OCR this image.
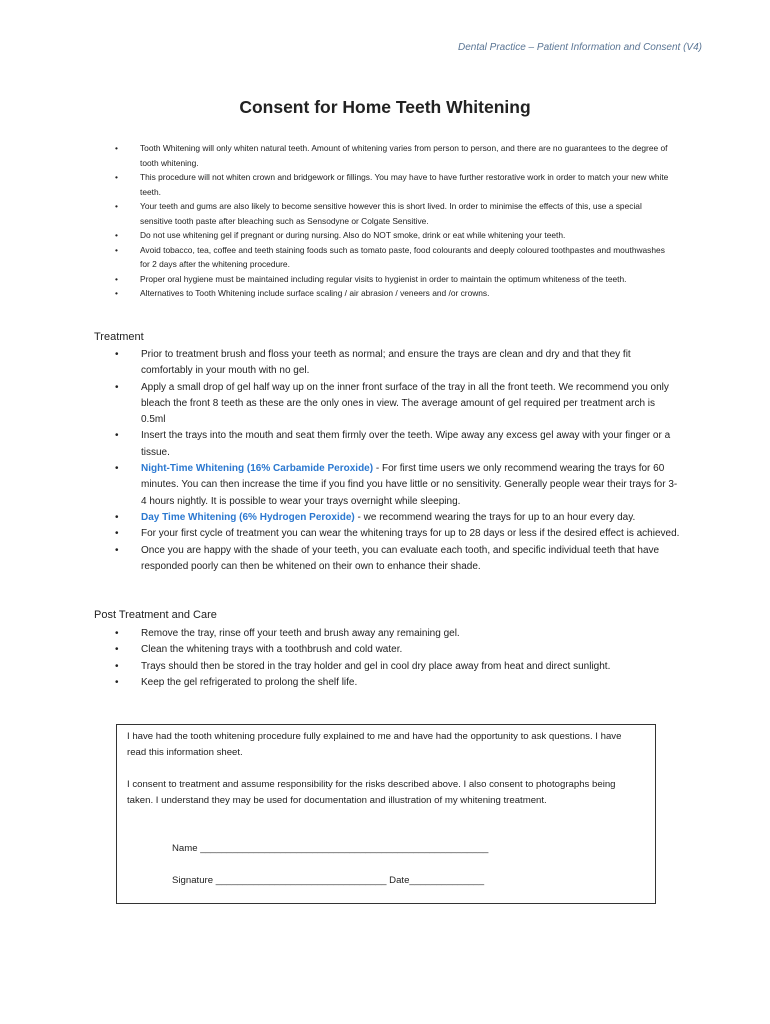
Dental Practice – Patient Information and Consent (V4)
Consent for Home Teeth Whitening
• Tooth Whitening will only whiten natural teeth. Amount of whitening varies from person to person, and there are no guarantees to the degree of tooth whitening.
• This procedure will not whiten crown and bridgework or fillings. You may have to have further restorative work in order to match your new white teeth.
• Your teeth and gums are also likely to become sensitive however this is short lived. In order to minimise the effects of this, use a special sensitive tooth paste after bleaching such as Sensodyne or Colgate Sensitive.
• Do not use whitening gel if pregnant or during nursing. Also do NOT smoke, drink or eat while whitening your teeth.
• Avoid tobacco, tea, coffee and teeth staining foods such as tomato paste, food colourants and deeply coloured toothpastes and mouthwashes for 2 days after the whitening procedure.
• Proper oral hygiene must be maintained including regular visits to hygienist in order to maintain the optimum whiteness of the teeth.
• Alternatives to Tooth Whitening include surface scaling / air abrasion / veneers and /or crowns.
Treatment
• Prior to treatment brush and floss your teeth as normal; and ensure the trays are clean and dry and that they fit comfortably in your mouth with no gel.
• Apply a small drop of gel half way up on the inner front surface of the tray in all the front teeth. We recommend you only bleach the front 8 teeth as these are the only ones in view. The average amount of gel required per treatment arch is 0.5ml
• Insert the trays into the mouth and seat them firmly over the teeth. Wipe away any excess gel away with your finger or a tissue.
• Night-Time Whitening (16% Carbamide Peroxide) - For first time users we only recommend wearing the trays for 60 minutes. You can then increase the time if you find you have little or no sensitivity. Generally people wear their trays for 3-4 hours nightly. It is possible to wear your trays overnight while sleeping.
• Day Time Whitening (6% Hydrogen Peroxide) - we recommend wearing the trays for up to an hour every day.
• For your first cycle of treatment you can wear the whitening trays for up to 28 days or less if the desired effect is achieved.
• Once you are happy with the shade of your teeth, you can evaluate each tooth, and specific individual teeth that have responded poorly can then be whitened on their own to enhance their shade.
Post Treatment and Care
• Remove the tray, rinse off your teeth and brush away any remaining gel.
• Clean the whitening trays with a toothbrush and cold water.
• Trays should then be stored in the tray holder and gel in cool dry place away from heat and direct sunlight.
• Keep the gel refrigerated to prolong the shelf life.

I have had the tooth whitening procedure fully explained to me and have had the opportunity to ask questions. I have read this information sheet.

I consent to treatment and assume responsibility for the risks described above. I also consent to photographs being taken. I understand they may be used for documentation and illustration of my whitening treatment.

Name ______________________________________________________
Signature ________________________________ Date______________
